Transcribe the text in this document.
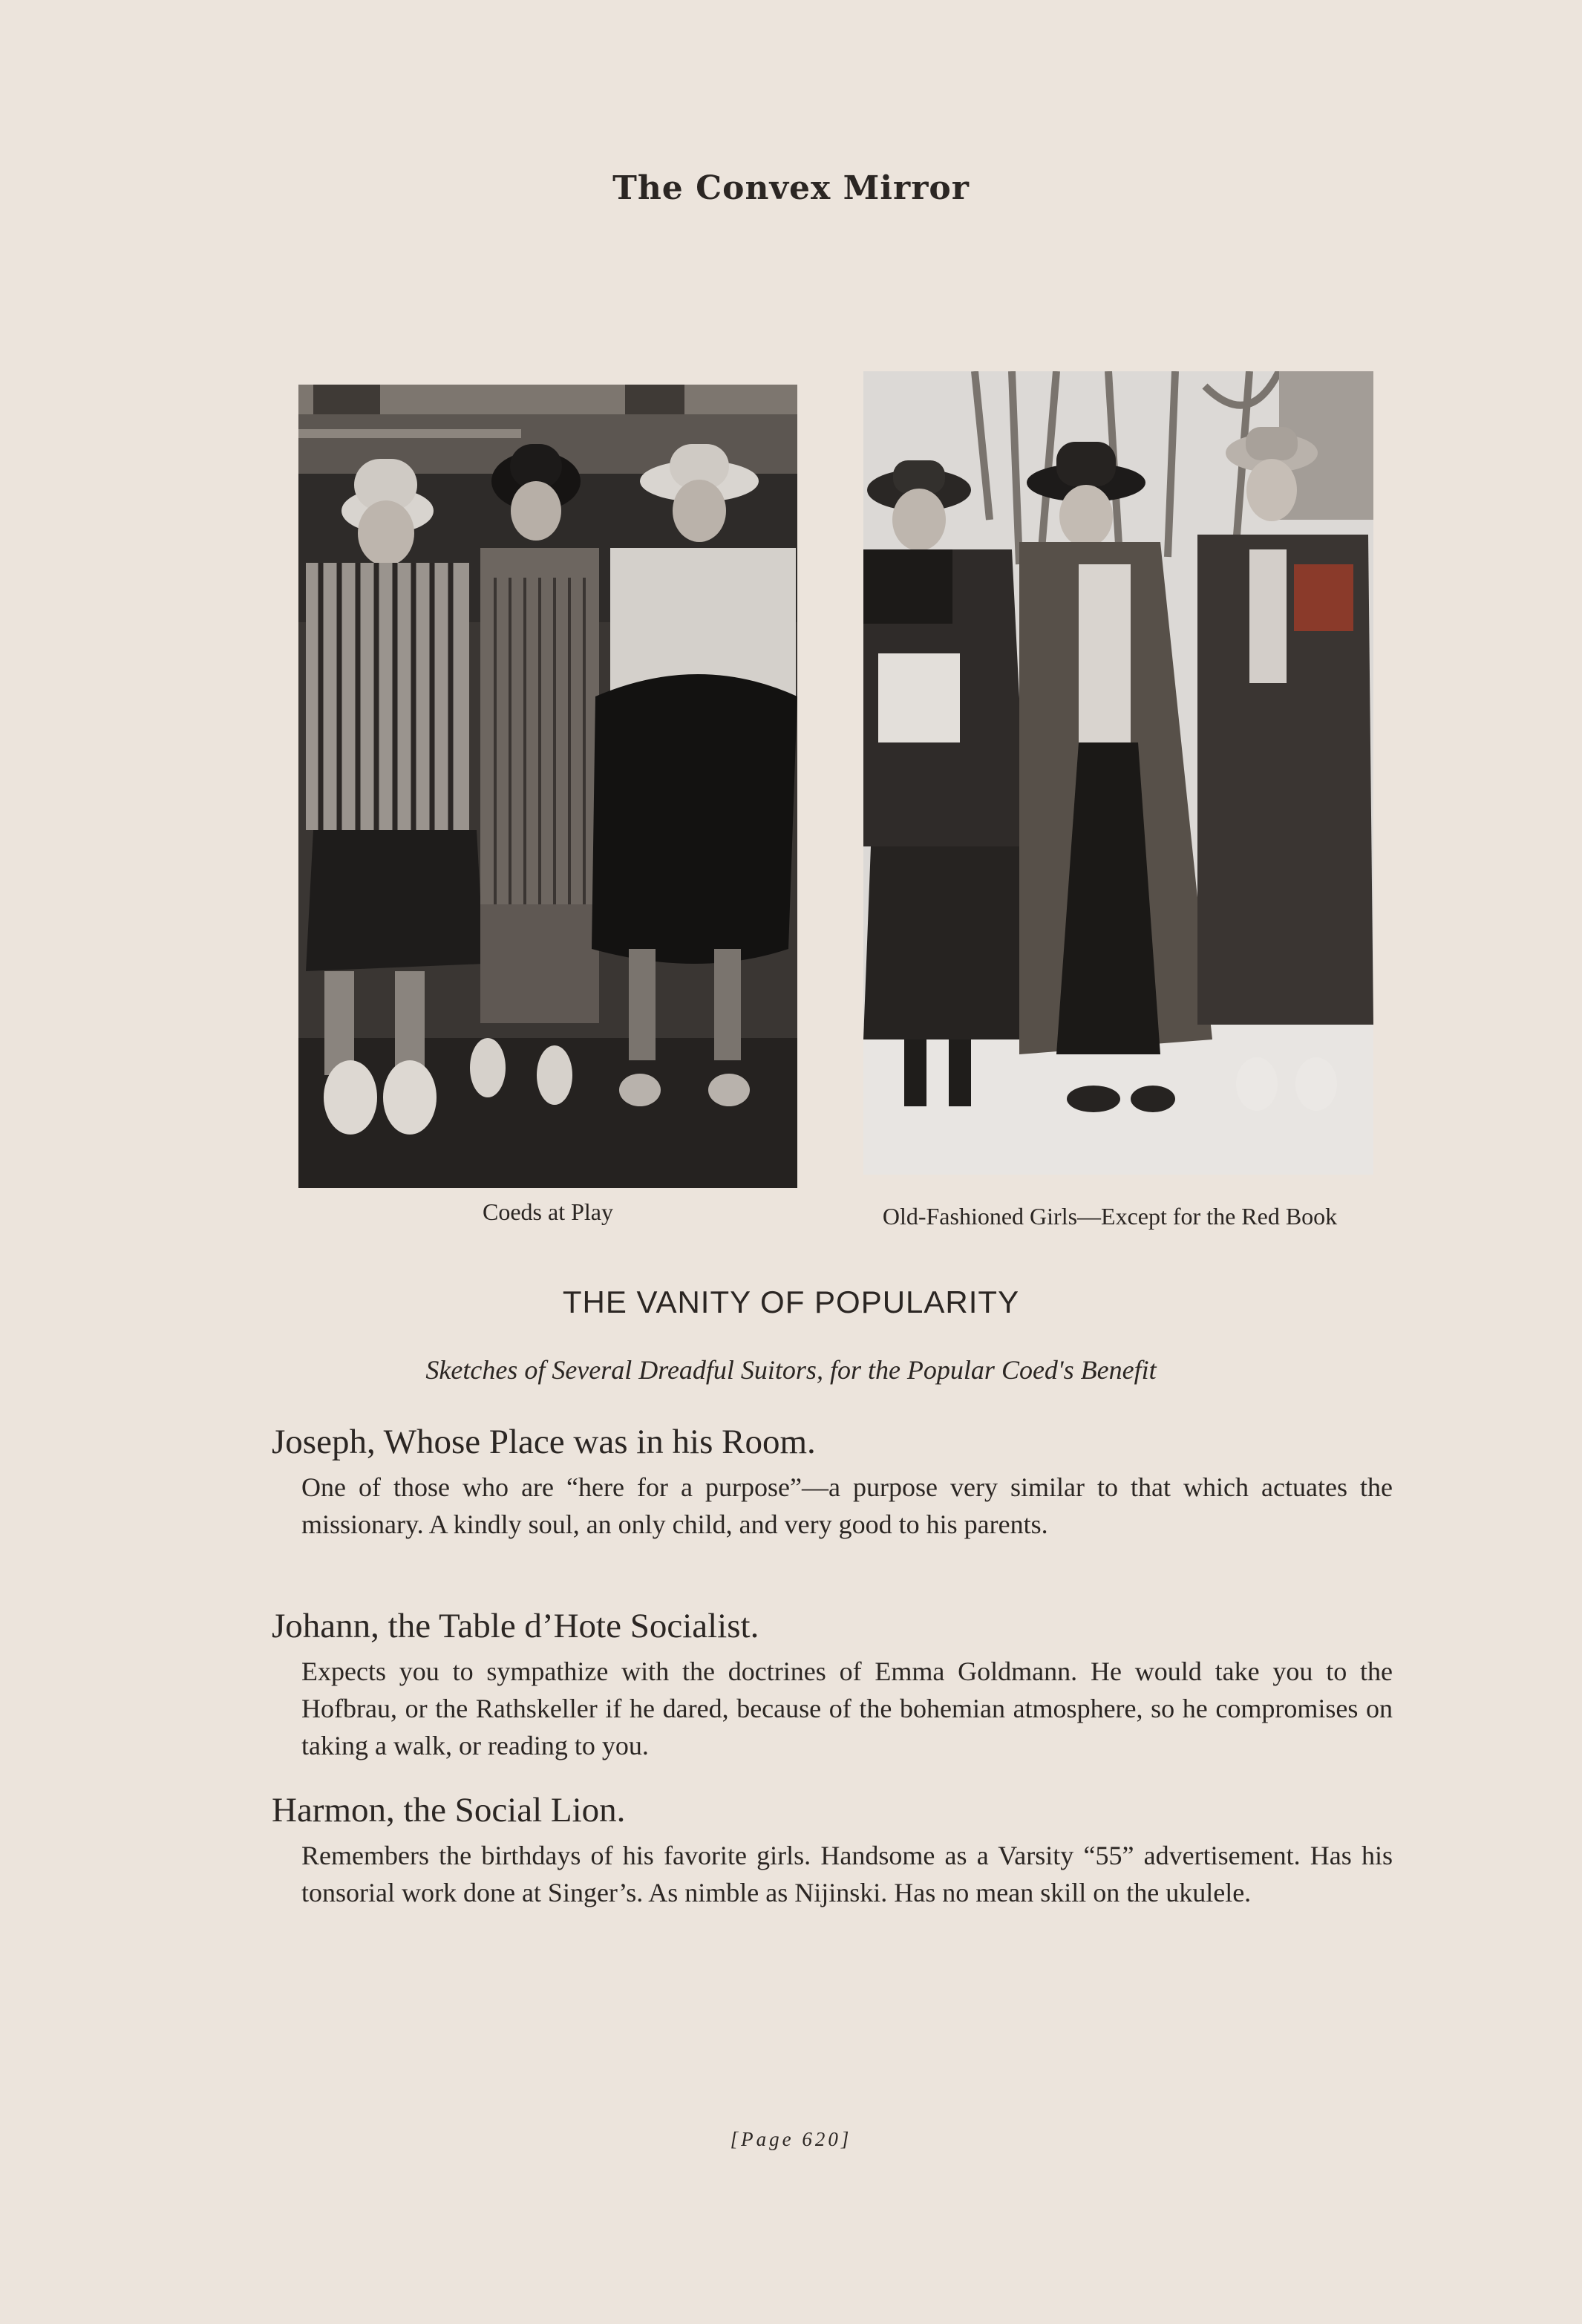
The Convex Mirror
Coeds at Play	Old-Fashioned Girls—Except for the Red Book
THE VANITY OF POPULARITY
Sketches of Several Dreadful Suitors, for the Popular Coed's Benefit
Joseph, Whose Place was in his Room.

One of those who are “here for a purpose”—a purpose very similar to that which actuates the missionary. A kindly soul, an only child, and very good to his parents.

Johann, the Table d’Hote Socialist.

Expects you to sympathize with the doctrines of Emma Goldmann. He would take you to the Hofbrau, or the Rathskeller if he dared, because of the bohemian atmosphere, so he compromises on taking a walk, or reading to you.

Harmon, the Social Lion.

Remembers the birthdays of his favorite girls. Handsome as a Varsity “55” advertisement. Has his tonsorial work done at Singer’s. As nimble as Nijinski. Has no mean skill on the ukulele.

[Page 620]
